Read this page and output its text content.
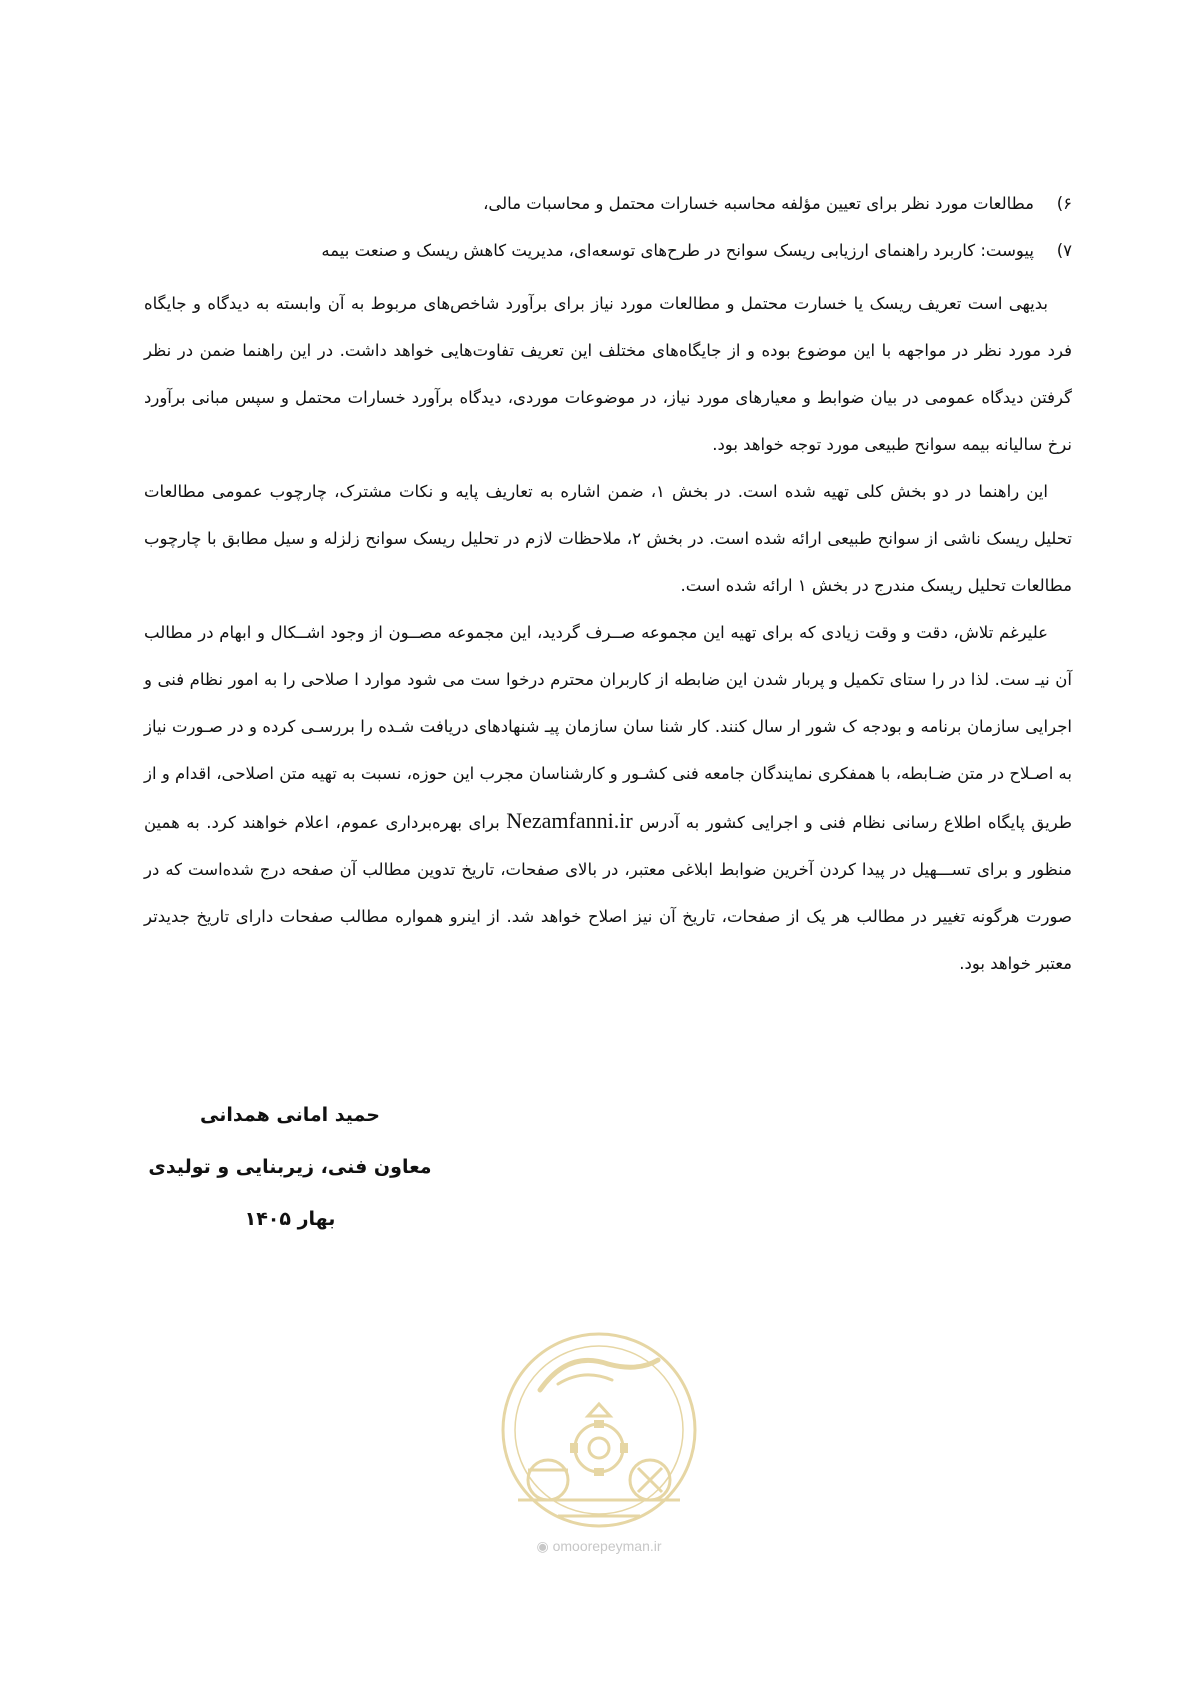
۶)
مطالعات مورد نظر برای تعیین مؤلفه محاسبه خسارات محتمل و محاسبات مالی،
۷)
پیوست: کاربرد راهنمای ارزیابی ریسک سوانح در طرح‌های توسعه‌ای، مدیریت کاهش ریسک و صنعت بیمه

بدیهی است تعریف ریسک یا خسارت محتمل و مطالعات مورد نیاز برای برآورد شاخص‌های مربوط به آن وابسته به دیدگاه و جایگاه فرد مورد نظر در مواجهه با این موضوع بوده و از جایگاه‌های مختلف این تعریف تفاوت‌هایی خواهد داشت. در این راهنما ضمن در نظر گرفتن دیدگاه عمومی در بیان ضوابط و معیارهای مورد نیاز، در موضوعات موردی، دیدگاه برآورد خسارات محتمل و سپس مبانی برآورد نرخ سالیانه بیمه سوانح طبیعی مورد توجه خواهد بود.

این راهنما در دو بخش کلی تهیه شده است. در بخش ۱، ضمن اشاره به تعاریف پایه و نکات مشترک، چارچوب عمومی مطالعات تحلیل ریسک ناشی از سوانح طبیعی ارائه شده است. در بخش ۲، ملاحظات لازم در تحلیل ریسک سوانح زلزله و سیل مطابق با چارچوب مطالعات تحلیل ریسک مندرج در بخش ۱ ارائه شده است.

علیرغم تلاش، دقت و وقت زیادی که برای تهیه این مجموعه صــرف گردید، این مجموعه مصــون از وجود اشــکال و ابهام در مطالب آن نیـ ست. لذا در را ستای تکمیل و پربار شدن این ضابطه از کاربران محترم درخوا ست می شود موارد ا صلاحی را به امور نظام فنی و اجرایی سازمان برنامه و بودجه ک شور ار سال کنند. کار شنا سان سازمان پیـ شنهادهای دریافت شـده را بررسـی کرده و در صـورت نیاز به اصـلاح در متن ضـابطه، با همفکری نمایندگان جامعه فنی کشـور و کارشناسان مجرب این حوزه، نسبت به تهیه متن اصلاحی، اقدام و از طریق پایگاه اطلاع رسانی نظام فنی و اجرایی کشور به آدرس Nezamfanni.ir برای بهره‌برداری عموم، اعلام خواهند کرد. به همین منظور و برای تســـهیل در پیدا کردن آخرین ضوابط ابلاغی معتبر، در بالای صفحات، تاریخ تدوین مطالب آن صفحه درج شده‌است که در صورت هرگونه تغییر در مطالب هر یک از صفحات، تاریخ آن نیز اصلاح خواهد شد. از اینرو همواره مطالب صفحات دارای تاریخ جدیدتر معتبر خواهد بود.

حمید امانی همدانی
معاون فنی، زیربنایی و تولیدی
بهار ۱۴۰۵
◉ omoorepeyman.ir
